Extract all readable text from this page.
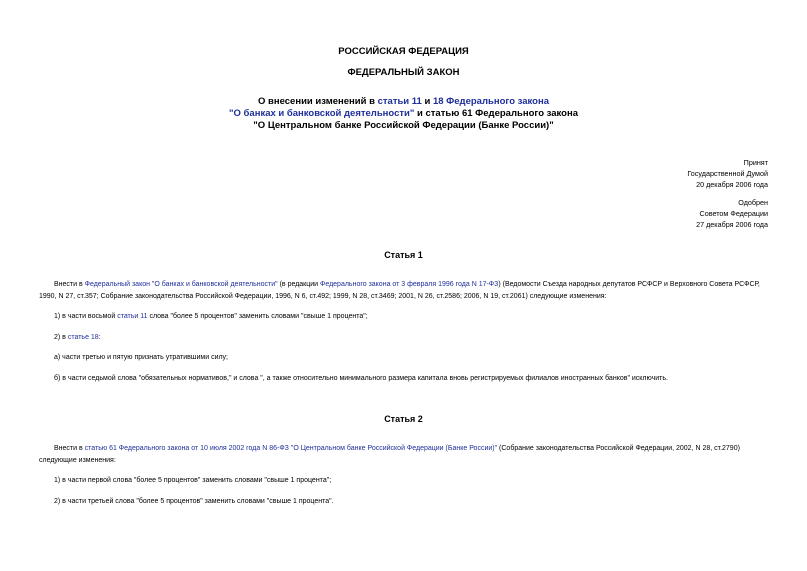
РОССИЙСКАЯ ФЕДЕРАЦИЯ
ФЕДЕРАЛЬНЫЙ ЗАКОН
О внесении изменений в статьи 11 и 18 Федерального закона
"О банках и банковской деятельности" и статью 61 Федерального закона
"О Центральном банке Российской Федерации (Банке России)"
Принят
Государственной Думой
20 декабря 2006 года
Одобрен
Советом Федерации
27 декабря 2006 года
Статья 1
Внести в Федеральный закон "О банках и банковской деятельности" (в редакции Федерального закона от 3 февраля 1996 года N 17-ФЗ) (Ведомости Съезда народных депутатов РСФСР и Верховного Совета РСФСР, 1990, N 27, ст.357; Собрание законодательства Российской Федерации, 1996, N 6, ст.492; 1999, N 28, ст.3469; 2001, N 26, ст.2586; 2006, N 19, ст.2061) следующие изменения:
1) в части восьмой статьи 11 слова "более 5 процентов" заменить словами "свыше 1 процента";
2) в статье 18:
а) части третью и пятую признать утратившими силу;
б) в части седьмой слова "обязательных нормативов," и слова ", а также относительно минимального размера капитала вновь регистрируемых филиалов иностранных банков" исключить.
Статья 2
Внести в статью 61 Федерального закона от 10 июля 2002 года N 86-ФЗ "О Центральном банке Российской Федерации (Банке России)" (Собрание законодательства Российской Федерации, 2002, N 28, ст.2790) следующие изменения:
1) в части первой слова "более 5 процентов" заменить словами "свыше 1 процента";
2) в части третьей слова "более 5 процентов" заменить словами "свыше 1 процента".
